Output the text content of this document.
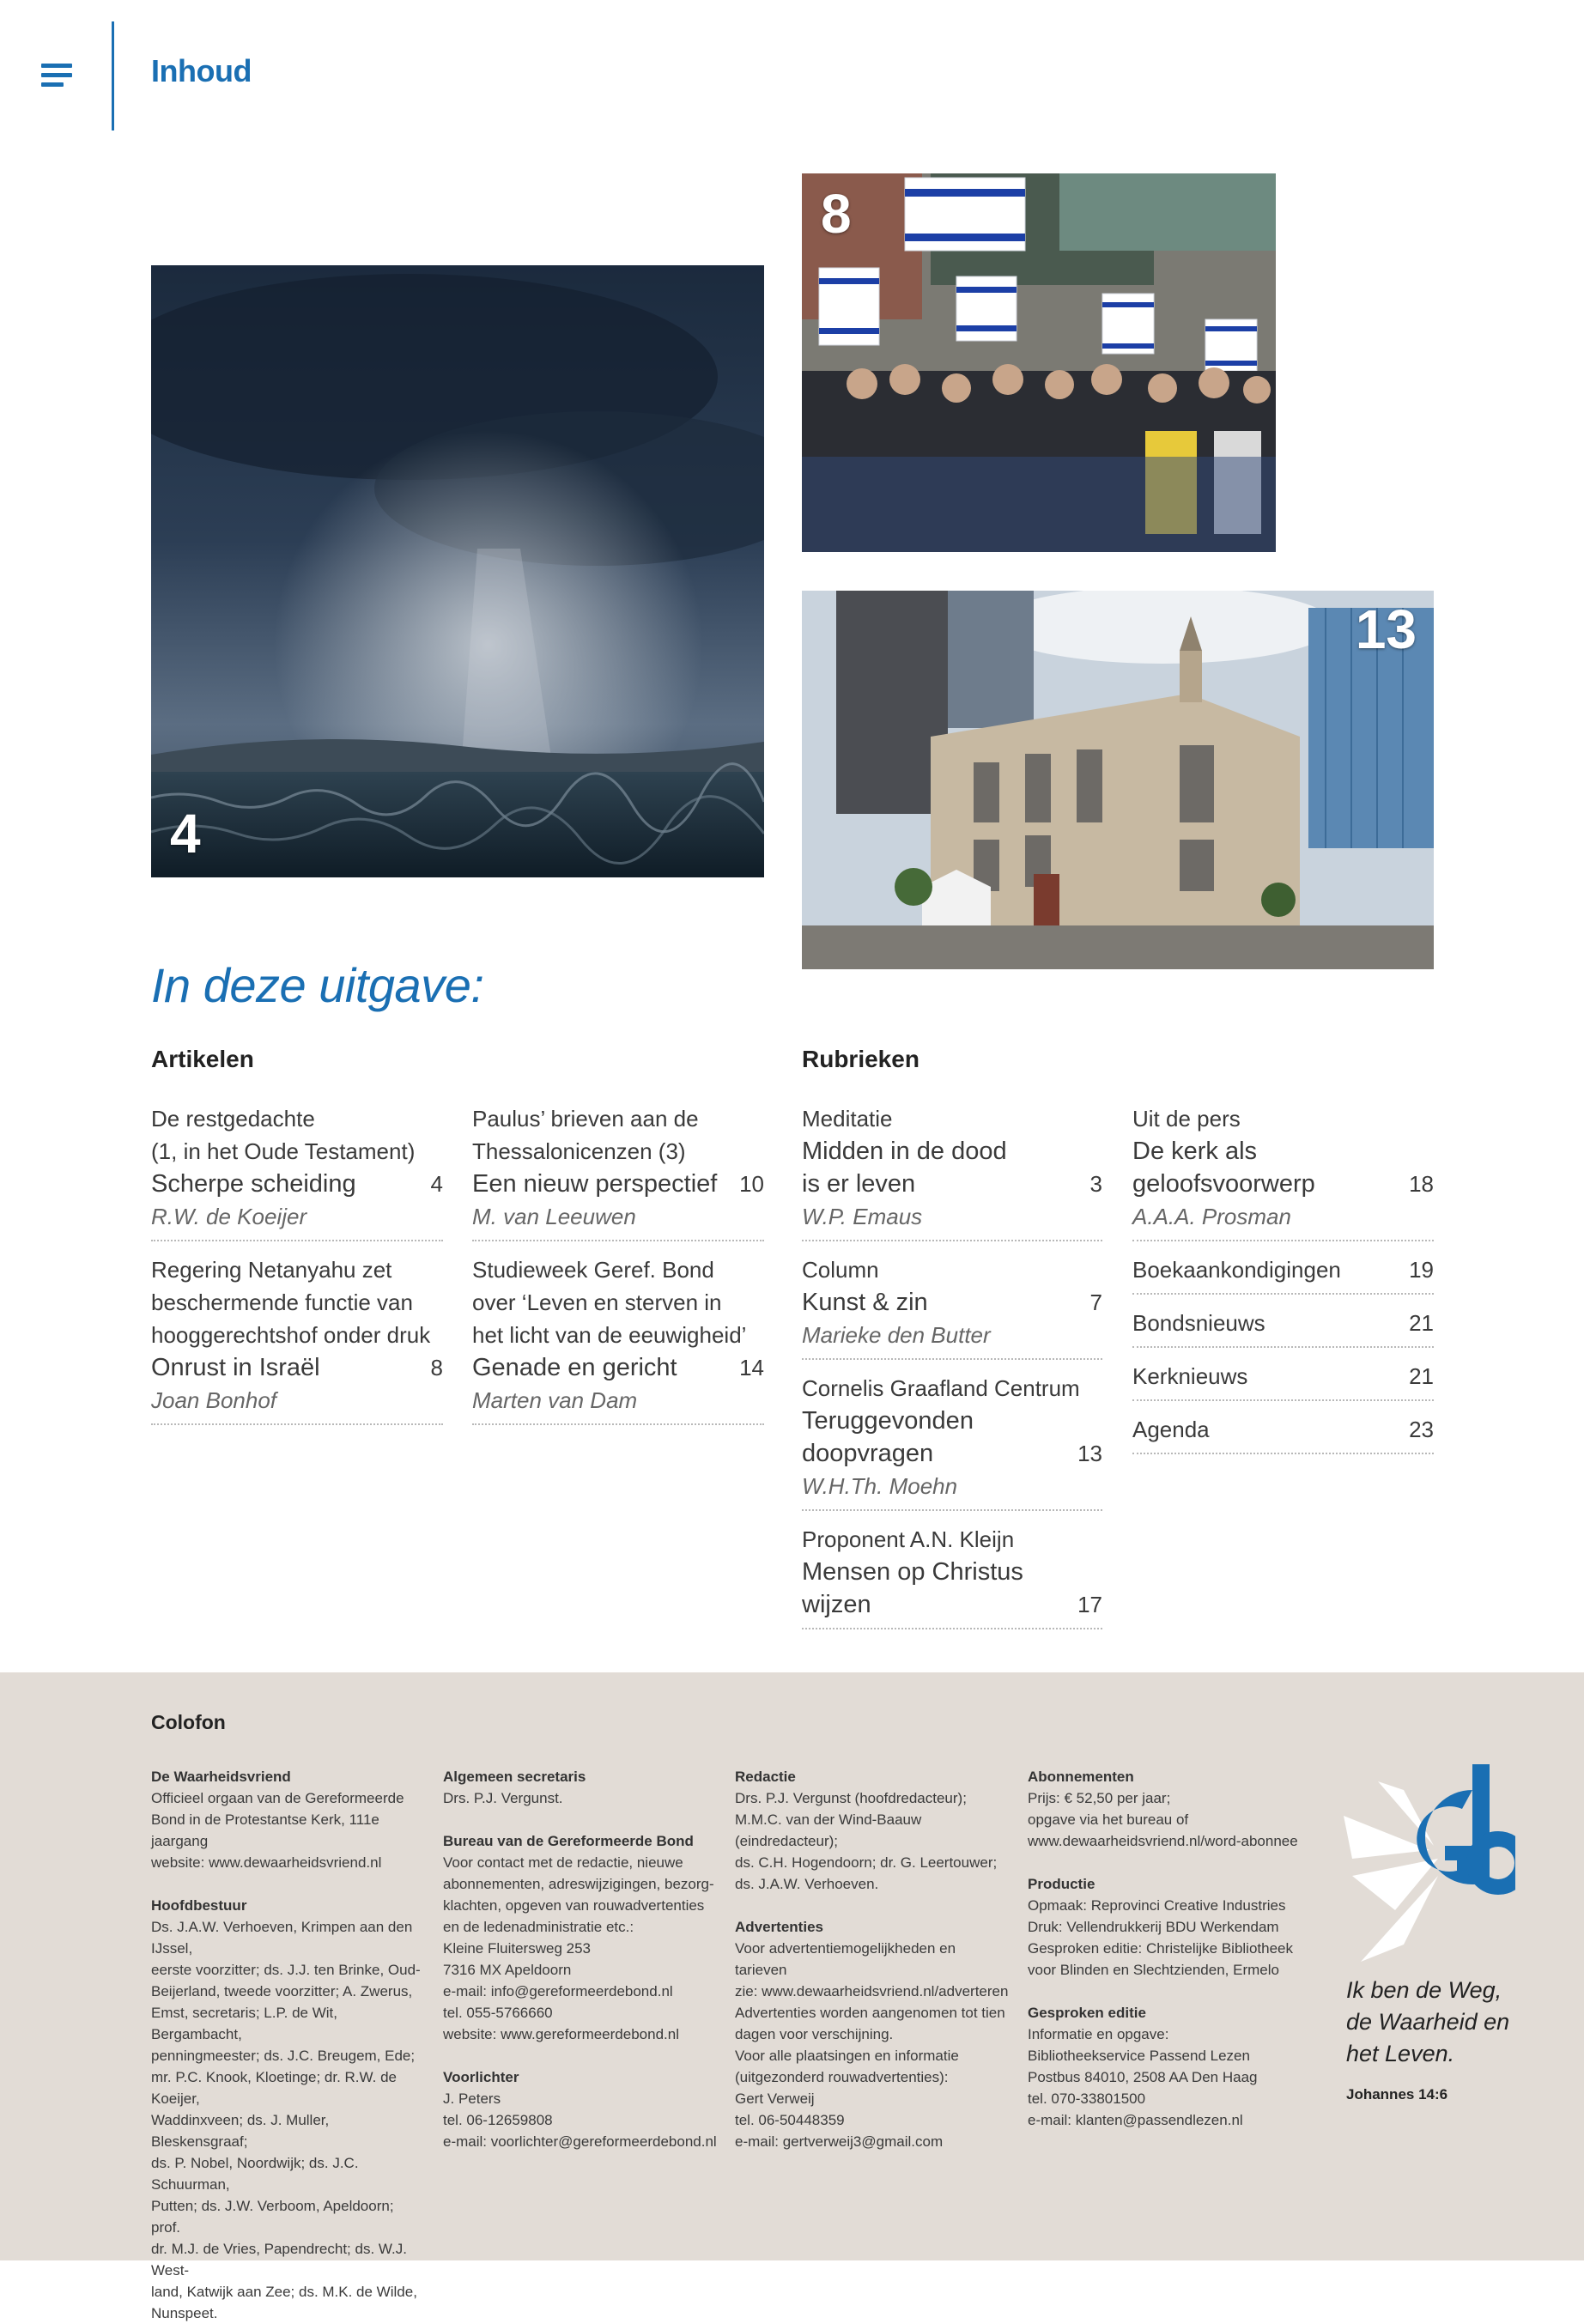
Inhoud
4
8
13
In deze uitgave:
Artikelen	Rubrieken
De restgedachte
(1, in het Oude Testament)
Scherpe scheiding	4
R.W. de Koeijer
Regering Netanyahu zet
beschermende functie van
hooggerechtshof onder druk
Onrust in Israël	8
Joan Bonhof
Paulus’ brieven aan de
Thessalonicenzen (3)
Een nieuw perspectief 10
M. van Leeuwen
Studieweek Geref. Bond
over ‘Leven en sterven in
het licht van de eeuwigheid’
Genade en gericht	14
Marten van Dam
Meditatie
Midden in de dood
is er leven	3
W.P. Emaus
Column
Kunst & zin	7
Marieke den Butter
Cornelis Graafland Centrum
Teruggevonden
doopvragen	13
W.H.Th. Moehn
Proponent A.N. Kleijn
Mensen op Christus
wijzen	17
Uit de pers
De kerk als
geloofsvoorwerp	18
A.A.A. Prosman
Boekaankondigingen	19
Bondsnieuws	21
Kerknieuws	21
Agenda	23
Colofon
De Waarheidsvriend

Officieel orgaan van de Gereformeerde
Bond in de Protestantse Kerk, 111e jaargang
website: www.dewaarheidsvriend.nl

Hoofdbestuur

Ds. J.A.W. Verhoeven, Krimpen aan den IJssel,
eerste voorzitter; ds. J.J. ten Brinke, Oud-
Beijerland, tweede voorzitter; A. Zwerus,
Emst, secretaris; L.P. de Wit, Bergambacht,
penningmeester; ds. J.C. Breugem, Ede;
mr. P.C. Knook, Kloetinge; dr. R.W. de Koeijer,
Waddinxveen; ds. J. Muller, Bleskensgraaf;
ds. P. Nobel, Noordwijk; ds. J.C. Schuurman,
Putten; ds. J.W. Verboom, Apeldoorn; prof.
dr. M.J. de Vries, Papendrecht; ds. W.J. West-
land, Katwijk aan Zee; ds. M.K. de Wilde,
Nunspeet.

Algemeen secretaris

Drs. P.J. Vergunst.

Bureau van de Gereformeerde Bond

Voor contact met de redactie, nieuwe
abonnementen, adreswijzigingen, bezorg-
klachten, opgeven van rouwadvertenties
en de ledenadministratie etc.:
Kleine Fluitersweg 253
7316 MX Apeldoorn
e-mail: info@gereformeerdebond.nl
tel. 055-5766660
website: www.gereformeerdebond.nl

Voorlichter

J. Peters
tel. 06-12659808
e-mail: voorlichter@gereformeerdebond.nl

Redactie

Drs. P.J. Vergunst (hoofdredacteur);
M.M.C. van der Wind-Baauw (eindredacteur);
ds. C.H. Hogendoorn; dr. G. Leertouwer;
ds. J.A.W. Verhoeven.

Advertenties

Voor advertentiemogelijkheden en tarieven
zie: www.dewaarheidsvriend.nl/adverteren
Advertenties worden aangenomen tot tien
dagen voor verschijning.
Voor alle plaatsingen en informatie
(uitgezonderd rouwadvertenties):
Gert Verweij
tel. 06-50448359
e-mail: gertverweij3@gmail.com

Abonnementen

Prijs: € 52,50 per jaar;
opgave via het bureau of
www.dewaarheidsvriend.nl/word-abonnee

Productie

Opmaak: Reprovinci Creative Industries
Druk: Vellendrukkerij BDU Werkendam
Gesproken editie: Christelijke Bibliotheek
voor Blinden en Slechtzienden, Ermelo

Gesproken editie

Informatie en opgave:
Bibliotheekservice Passend Lezen
Postbus 84010, 2508 AA Den Haag
tel. 070-33801500
e-mail: klanten@passendlezen.nl

Ik ben de Weg,
de Waarheid en
het Leven.
Johannes 14:6
